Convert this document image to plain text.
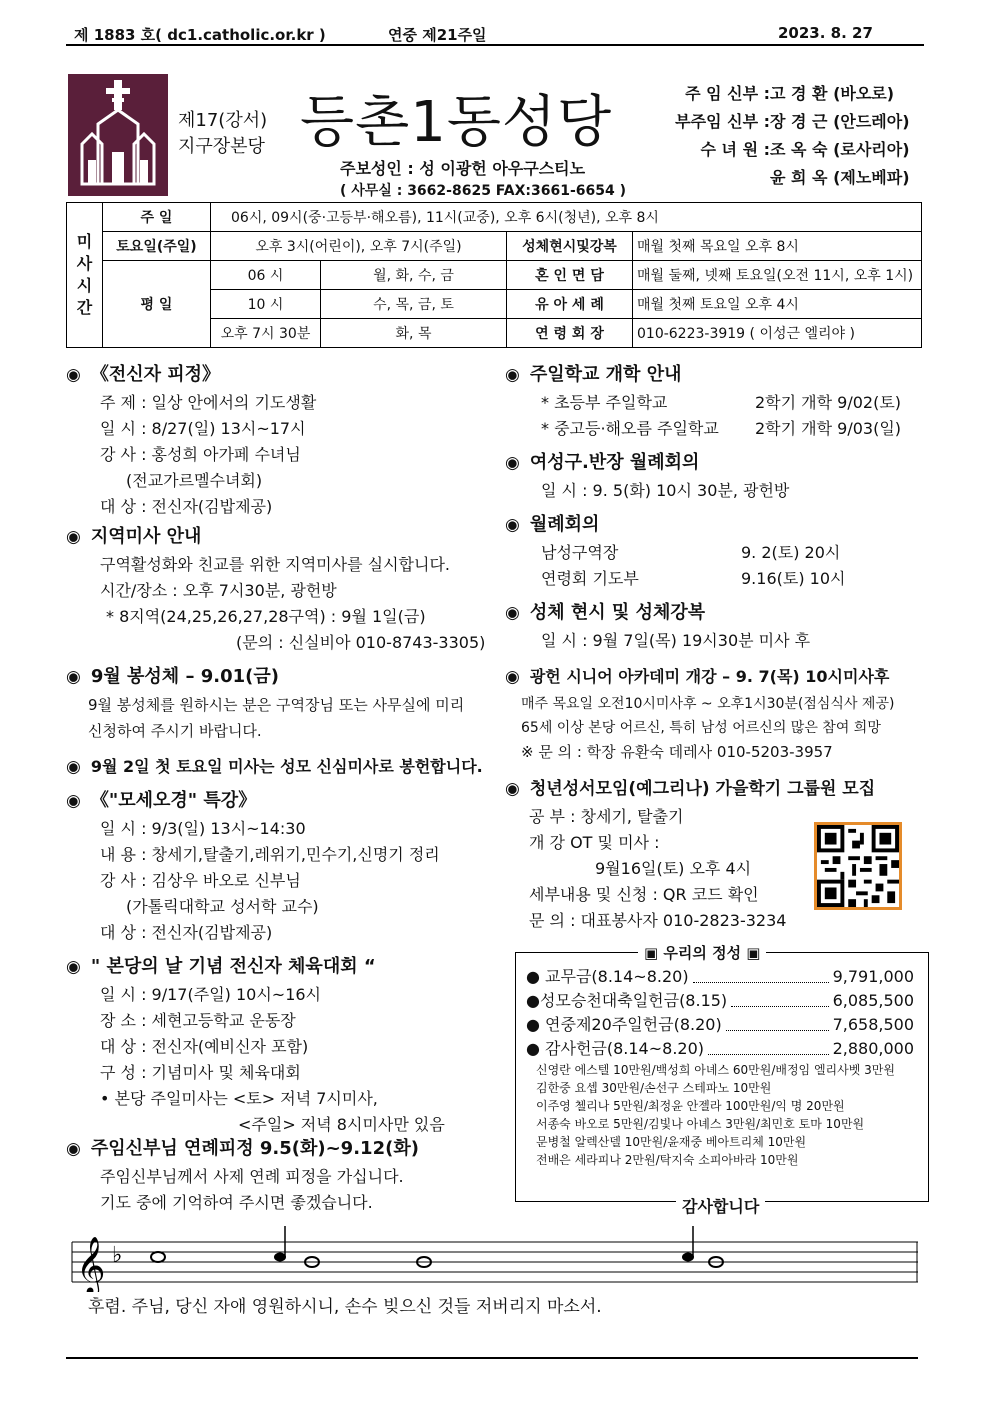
제 1883 호( dc1.catholic.or.kr )	연중 제21주일	2023. 8. 27
제17(강서)
지구장본당 등촌1동성당
주보성인 : 성 이광헌 아우구스티노
( 사무실 : 3662-8625 FAX:3661-6654 )
주 임 신부 :고 경 환 (바오로)
부주임 신부 :장 경 근 (안드레아)
수 녀 원 :조 옥 숙 (로사리아)
윤 희 옥 (제노베파)
미
사
시
간	주 일	06시, 09시(중·고등부·해오름), 11시(교중), 오후 6시(청년), 오후 8시			
	토요일(주일)	오후 3시(어린이), 오후 7시(주일)		성체현시및강복	매월 첫째 목요일 오후 8시
	평 일	06 시	월, 화, 수, 금	혼 인 면 담	매월 둘째, 넷째 토요일(오전 11시, 오후 1시)
		10 시	수, 목, 금, 토	유 아 세 례	매월 첫째 토요일 오후 4시
		오후 7시 30분	화, 목	연 령 회 장	010-6223-3919 ( 이성근 엘리야 )
◉ 《전신자 피정》
주 제 : 일상 안에서의 기도생활
일 시 : 8/27(일) 13시~17시
강 사 : 홍성희 아가페 수녀님
(전교가르멜수녀회)
대 상 : 전신자(김밥제공)
◉ 지역미사 안내
구역활성화와 친교를 위한 지역미사를 실시합니다.
시간/장소 : 오후 7시30분, 광헌방
* 8지역(24,25,26,27,28구역) : 9월 1일(금)
(문의 : 신실비아 010-8743-3305)
◉ 9월 봉성체 – 9.01(금)
9월 봉성체를 원하시는 분은 구역장님 또는 사무실에 미리
신청하여 주시기 바랍니다.
◉ 9월 2일 첫 토요일 미사는 성모 신심미사로 봉헌합니다.
◉ 《"모세오경" 특강》
일 시 : 9/3(일) 13시~14:30
내 용 : 창세기,탈출기,레위기,민수기,신명기 정리
강 사 : 김상우 바오로 신부님
(가톨릭대학교 성서학 교수)
대 상 : 전신자(김밥제공)
◉ " 본당의 날 기념 전신자 체육대회 “
일 시 : 9/17(주일) 10시~16시
장 소 : 세현고등학교 운동장
대 상 : 전신자(예비신자 포함)
구 성 : 기념미사 및 체육대회
• 본당 주일미사는 <토> 저녁 7시미사,
<주일> 저녁 8시미사만 있음
◉ 주임신부님 연례피정 9.5(화)~9.12(화)
주임신부님께서 사제 연례 피정을 가십니다.
기도 중에 기억하여 주시면 좋겠습니다.
◉ 주일학교 개학 안내
* 초등부 주일학교	2학기 개학 9/02(토)
* 중고등·해오름 주일학교	2학기 개학 9/03(일)
◉ 여성구.반장 월례회의
일 시 : 9. 5(화) 10시 30분, 광헌방
◉ 월례회의
남성구역장	9. 2(토) 20시
연령회 기도부	9.16(토) 10시
◉ 성체 현시 및 성체강복
일 시 : 9월 7일(목) 19시30분 미사 후
◉ 광헌 시니어 아카데미 개강 – 9. 7(목) 10시미사후
매주 목요일 오전10시미사후 ~ 오후1시30분(점심식사 제공)
65세 이상 본당 어르신, 특히 남성 어르신의 많은 참여 희망
※ 문 의 : 학장 유환숙 데레사 010-5203-3957
◉ 청년성서모임(예그리나) 가을학기 그룹원 모집
공 부 : 창세기, 탈출기
개 강 OT 및 미사 :
9월16일(토) 오후 4시
세부내용 및 신청 : QR 코드 확인
문 의 : 대표봉사자 010-2823-3234
● 교무금(8.14~8.20)	9,791,000
●성모승천대축일헌금(8.15)	6,085,500
● 연중제20주일헌금(8.20)	7,658,500
● 감사헌금(8.14~8.20)	2,880,000
신영란 에스텔 10만원/백성희 아녜스 60만원/배정임 엘리사벳 3만원
김한중 요셉 30만원/손선구 스테파노 10만원
이주영 첼리나 5만원/최정윤 안젤라 100만원/익 명 20만원
서종숙 바오로 5만원/김빛나 아녜스 3만원/최민호 토마 10만원
문병철 알렉산델 10만원/윤재중 베아트리체 10만원
전배은 세라피나 2만원/탁지숙 소피아바라 10만원
▣ 우리의 정성 ▣
감사합니다
𝄞 ♭
후렴. 주님, 당신 자애 영원하시니, 손수 빚으신 것들 저버리지 마소서.
